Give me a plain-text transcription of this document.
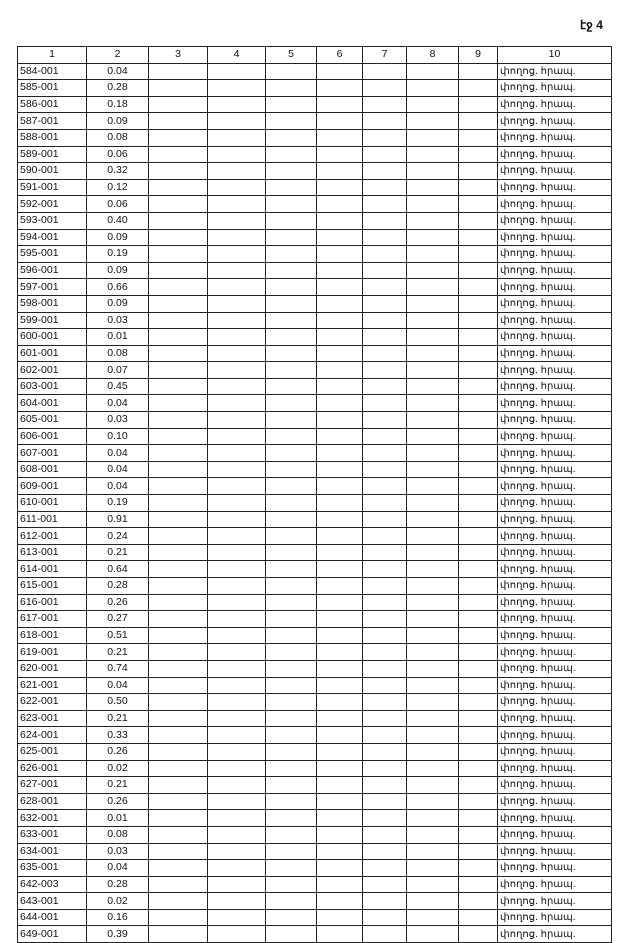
էջ 4
1	2	3	4	5	6	7	8	9	10
584-001	0.04								փողոց. հրապ.
585-001	0.28								փողոց. հրապ.
586-001	0.18								փողոց. հրապ.
587-001	0.09								փողոց. հրապ.
588-001	0.08								փողոց. հրապ.
589-001	0.06								փողոց. հրապ.
590-001	0.32								փողոց. հրապ.
591-001	0.12								փողոց. հրապ.
592-001	0.06								փողոց. հրապ.
593-001	0.40								փողոց. հրապ.
594-001	0.09								փողոց. հրապ.
595-001	0.19								փողոց. հրապ.
596-001	0.09								փողոց. հրապ.
597-001	0.66								փողոց. հրապ.
598-001	0.09								փողոց. հրապ.
599-001	0.03								փողոց. հրապ.
600-001	0.01								փողոց. հրապ.
601-001	0.08								փողոց. հրապ.
602-001	0.07								փողոց. հրապ.
603-001	0.45								փողոց. հրապ.
604-001	0.04								փողոց. հրապ.
605-001	0.03								փողոց. հրապ.
606-001	0.10								փողոց. հրապ.
607-001	0.04								փողոց. հրապ.
608-001	0.04								փողոց. հրապ.
609-001	0.04								փողոց. հրապ.
610-001	0.19								փողոց. հրապ.
611-001	0.91								փողոց. հրապ.
612-001	0.24								փողոց. հրապ.
613-001	0.21								փողոց. հրապ.
614-001	0.64								փողոց. հրապ.
615-001	0.28								փողոց. հրապ.
616-001	0.26								փողոց. հրապ.
617-001	0.27								փողոց. հրապ.
618-001	0.51								փողոց. հրապ.
619-001	0.21								փողոց. հրապ.
620-001	0.74								փողոց. հրապ.
621-001	0.04								փողոց. հրապ.
622-001	0.50								փողոց. հրապ.
623-001	0.21								փողոց. հրապ.
624-001	0.33								փողոց. հրապ.
625-001	0.26								փողոց. հրապ.
626-001	0.02								փողոց. հրապ.
627-001	0.21								փողոց. հրապ.
628-001	0.26								փողոց. հրապ.
632-001	0.01								փողոց. հրապ.
633-001	0.08								փողոց. հրապ.
634-001	0.03								փողոց. հրապ.
635-001	0.04								փողոց. հրապ.
642-003	0.28								փողոց. հրապ.
643-001	0.02								փողոց. հրապ.
644-001	0.16								փողոց. հրապ.
649-001	0.39								փողոց. հրապ.
